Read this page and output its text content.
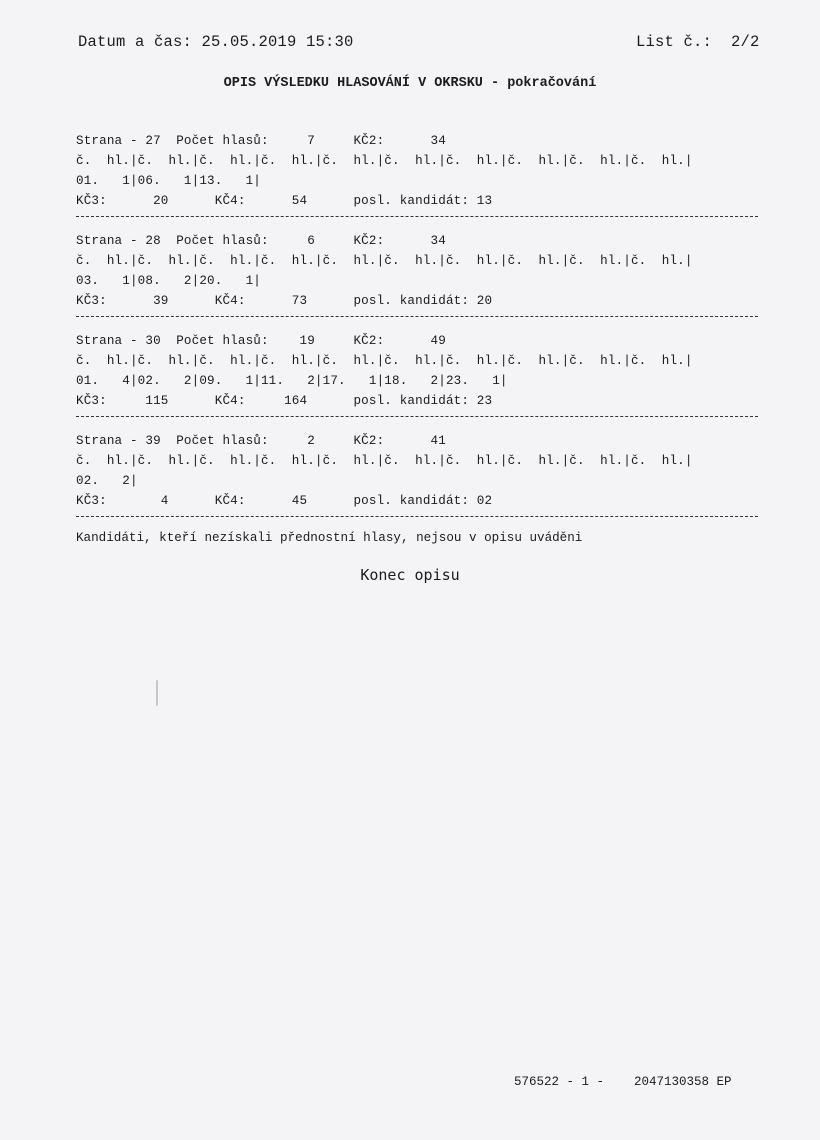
Datum a čas: 25.05.2019 15:30	List č.:  2/2
OPIS VÝSLEDKU HLASOVÁNÍ V OKRSKU - pokračování
Strana - 27  Počet hlasů:     7     KČ2:      34
č.  hl.|č.  hl.|č.  hl.|č.  hl.|č.  hl.|č.  hl.|č.  hl.|č.  hl.|č.  hl.|č.  hl.|
01.   1|06.   1|13.   1|
KČ3:      20      KČ4:      54      posl. kandidát: 13
Strana - 28  Počet hlasů:     6     KČ2:      34
č.  hl.|č.  hl.|č.  hl.|č.  hl.|č.  hl.|č.  hl.|č.  hl.|č.  hl.|č.  hl.|č.  hl.|
03.   1|08.   2|20.   1|
KČ3:      39      KČ4:      73      posl. kandidát: 20
Strana - 30  Počet hlasů:    19     KČ2:      49
č.  hl.|č.  hl.|č.  hl.|č.  hl.|č.  hl.|č.  hl.|č.  hl.|č.  hl.|č.  hl.|č.  hl.|
01.   4|02.   2|09.   1|11.   2|17.   1|18.   2|23.   1|
KČ3:     115      KČ4:     164      posl. kandidát: 23
Strana - 39  Počet hlasů:     2     KČ2:      41
č.  hl.|č.  hl.|č.  hl.|č.  hl.|č.  hl.|č.  hl.|č.  hl.|č.  hl.|č.  hl.|č.  hl.|
02.   2|
KČ3:       4      KČ4:      45      posl. kandidát: 02
Kandidáti, kteří nezískali přednostní hlasy, nejsou v opisu uváděni
Konec opisu
576522 - 1 -    2047130358 EP
